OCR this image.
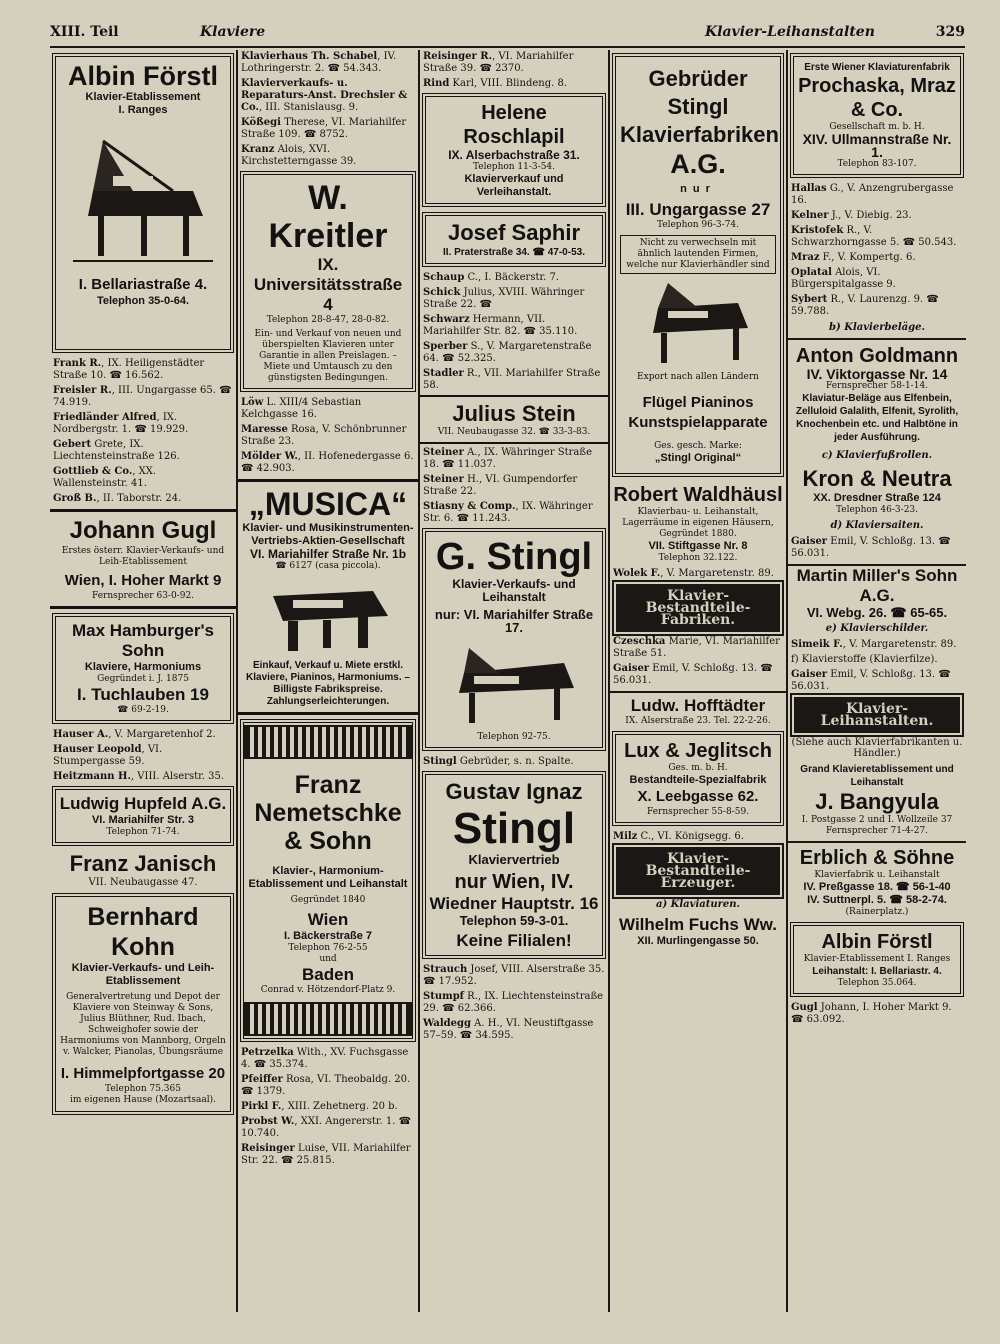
XIII. Teil	Klaviere	Klavier-Leihanstalten	329
Albin Förstl
Klavier-Etablissement
I. Ranges
I. Bellariastraße 4.
Telephon 35-0-64.
Frank R., IX. Heiligenstädter Straße 10. ☎ 16.562.
Freisler R., III. Ungargasse 65. ☎ 74.919.
Friedländer Alfred, IX. Nordbergstr. 1. ☎ 19.929.
Gebert Grete, IX. Liechtensteinstraße 126.
Gottlieb & Co., XX. Wallensteinstr. 41.
Groß B., II. Taborstr. 24.
Johann Gugl
Erstes österr. Klavier-Verkaufs- und Leih-Etablissement
Wien, I. Hoher Markt 9
Fernsprecher 63-0-92.
Max Hamburger's Sohn
Klaviere, Harmoniums
Gegründet i. J. 1875
I. Tuchlauben 19
☎ 69-2-19.
Hauser A., V. Margaretenhof 2.
Hauser Leopold, VI. Stumpergasse 59.
Heitzmann H., VIII. Alserstr. 35.
Ludwig Hupfeld A.G.
VI. Mariahilfer Str. 3
Telephon 71-74.
Franz Janisch
VII. Neubaugasse 47.
Bernhard Kohn
Klavier-Verkaufs- und Leih-Etablissement
Generalvertretung und Depot der Klaviere von Steinway & Sons, Julius Blüthner, Rud. Ibach, Schweighofer sowie der Harmoniums von Mannborg, Orgeln v. Walcker, Pianolas, Übungsräume
I. Himmelpfortgasse 20
Telephon 75.365
im eigenen Hause (Mozartsaal).
Klavierhaus Th. Schabel, IV. Lothringerstr. 2. ☎ 54.343.
Klavierverkaufs- u. Reparaturs-Anst. Drechsler & Co., III. Stanislausg. 9.
Kößegi Therese, VI. Mariahilfer Straße 109. ☎ 8752.
Kranz Alois, XVI. Kirchstetterngasse 39.
W. Kreitler
IX. Universitätsstraße 4
Telephon 28-8-47, 28-0-82.
Ein- und Verkauf von neuen und überspielten Klavieren unter Garantie in allen Preislagen. – Miete und Umtausch zu den günstigsten Bedingungen.
Löw L. XIII/4 Sebastian Kelchgasse 16.
Maresse Rosa, V. Schönbrunner Straße 23.
Mölder W., II. Hofenedergasse 6. ☎ 42.903.
„MUSICA“
Klavier- und Musikinstrumenten-Vertriebs-Aktien-Gesellschaft
VI. Mariahilfer Straße Nr. 1b
☎ 6127 (casa piccola).
Einkauf, Verkauf u. Miete erstkl. Klaviere, Pianinos, Harmoniums. – Billigste Fabrikspreise. Zahlungserleichterungen.
Franz Nemetschke & Sohn
Klavier-, Harmonium-Etablissement und Leihanstalt
Gegründet 1840
Wien
I. Bäckerstraße 7
Telephon 76-2-55
und
Baden
Conrad v. Hötzendorf-Platz 9.
Petrzelka With., XV. Fuchsgasse 4. ☎ 35.374.
Pfeiffer Rosa, VI. Theobaldg. 20. ☎ 1379.
Pirkl F., XIII. Zehetnerg. 20 b.
Probst W., XXI. Angererstr. 1. ☎ 10.740.
Reisinger Luise, VII. Mariahilfer Str. 22. ☎ 25.815.
Reisinger R., VI. Mariahilfer Straße 39. ☎ 2370.
Rind Karl, VIII. Blindeng. 8.
Helene Roschlapil
IX. Alserbachstraße 31.
Telephon 11-3-54.
Klavierverkauf und Verleihanstalt.
Josef Saphir
II. Praterstraße 34. ☎ 47-0-53.
Schaup C., I. Bäckerstr. 7.
Schick Julius, XVIII. Währinger Straße 22. ☎
Schwarz Hermann, VII. Mariahilfer Str. 82. ☎ 35.110.
Sperber S., V. Margaretenstraße 64. ☎ 52.325.
Stadler R., VII. Mariahilfer Straße 58.
Julius Stein
VII. Neubaugasse 32. ☎ 33-3-83.
Steiner A., IX. Währinger Straße 18. ☎ 11.037.
Steiner H., VI. Gumpendorfer Straße 22.
Stiasny & Comp., IX. Währinger Str. 6. ☎ 11.243.
G. Stingl
Klavier-Verkaufs- und Leihanstalt
nur: VI. Mariahilfer Straße 17.
Telephon 92-75.
Stingl Gebrüder, s. n. Spalte.
Gustav Ignaz
Stingl
Klaviervertrieb
nur Wien, IV.
Wiedner Hauptstr. 16
Telephon 59-3-01.
Keine Filialen!
Strauch Josef, VIII. Alserstraße 35. ☎ 17.952.
Stumpf R., IX. Liechtensteinstraße 29. ☎ 62.366.
Waldegg A. H., VI. Neustiftgasse 57–59. ☎ 34.595.
Gebrüder Stingl
Klavierfabriken
A.G.
nur
III. Ungargasse 27
Telephon 96-3-74.
Nicht zu verwechseln mit ähnlich lautenden Firmen, welche nur Klavierhändler sind
Export nach allen Ländern
Flügel Pianinos Kunstspielapparate
Ges. gesch. Marke:
„Stingl Original“
Robert Waldhäusl
Klavierbau- u. Leihanstalt, Lagerräume in eigenen Häusern, Gegründet 1880.
VII. Stiftgasse Nr. 8
Telephon 32.122.
Wolek F., V. Margaretenstr. 89.
Klavier-Bestandteile-Fabriken.
Czeschka Marie, VI. Mariahilfer Straße 51.
Gaiser Emil, V. Schloßg. 13. ☎ 56.031.
Ludw. Hofftädter
IX. Alserstraße 23. Tel. 22-2-26.
Lux & Jeglitsch
Ges. m. b. H.
Bestandteile-Spezialfabrik
X. Leebgasse 62.
Fernsprecher 55-8-59.
Milz C., VI. Königsegg. 6.
Klavier-Bestandteile-Erzeuger.
a) Klaviaturen.
Wilhelm Fuchs Ww.
XII. Murlingengasse 50.
Erste Wiener Klaviaturenfabrik
Prochaska, Mraz & Co.
Gesellschaft m. b. H.
XIV. Ullmannstraße Nr. 1.
Telephon 83-107.
Hallas G., V. Anzengrubergasse 16.
Kelner J., V. Diebig. 23.
Kristofek R., V. Schwarzhorngasse 5. ☎ 50.543.
Mraz F., V. Kompertg. 6.
Oplatal Alois, VI. Bürgerspitalgasse 9.
Sybert R., V. Laurenzg. 9. ☎ 59.788.
b) Klavierbeläge.
Anton Goldmann
IV. Viktorgasse Nr. 14
Fernsprecher 58-1-14.
Klaviatur-Beläge aus Elfenbein, Zelluloid Galalith, Elfenit, Syrolith, Knochenbein etc. und Halbtöne in jeder Ausführung.
c) Klavierfußrollen.
Kron & Neutra
XX. Dresdner Straße 124
Telephon 46-3-23.
d) Klaviersaiten.
Gaiser Emil, V. Schloßg. 13. ☎ 56.031.
Martin Miller's Sohn A.G.
VI. Webg. 26. ☎ 65-65.
e) Klavierschilder.
Simeik F., V. Margaretenstr. 89.
f) Klavierstoffe (Klavierfilze).
Gaiser Emil, V. Schloßg. 13. ☎ 56.031.
Klavier-Leihanstalten.
(Siehe auch Klavierfabrikanten u. Händler.)
Grand Klavieretablissement und Leihanstalt
J. Bangyula
I. Postgasse 2 und I. Wollzeile 37
Fernsprecher 71-4-27.
Erblich & Söhne
Klavierfabrik u. Leihanstalt
IV. Preßgasse 18. ☎ 56-1-40
IV. Suttnerpl. 5. ☎ 58-2-74.
(Rainerplatz.)
Albin Förstl
Klavier-Etablissement I. Ranges
Leihanstalt: I. Bellariastr. 4.
Telephon 35.064.
Gugl Johann, I. Hoher Markt 9. ☎ 63.092.
